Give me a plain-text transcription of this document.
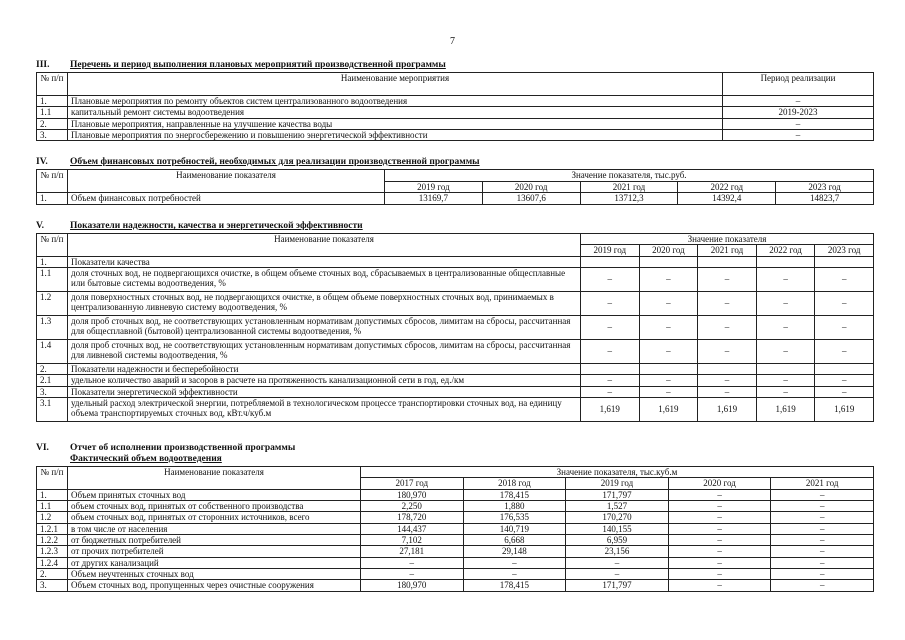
7
III. Перечень и период выполнения плановых мероприятий производственной программы
№ п/п	Наименование мероприятия	Период реализации
1.	Плановые мероприятия по ремонту объектов систем централизованного водоотведения	–
1.1	капитальный ремонт системы водоотведения	2019-2023
2.	Плановые мероприятия, направленные на улучшение качества воды	–
3.	Плановые мероприятия по энергосбережению и повышению энергетической эффективности	–
IV. Объем финансовых потребностей, необходимых для реализации производственной программы
№ п/п	Наименование показателя	Значение показателя, тыс.руб.				
		2019 год	2020 год	2021 год	2022 год	2023 год
1.	Объем финансовых потребностей	13169,7	13607,6	13712,3	14392,4	14823,7
V.	Показатели надежности, качества и энергетической эффективности
№ п/п	Наименование показателя	Значение показателя				
		2019 год	2020 год	2021 год	2022 год	2023 год
1.	Показатели качества					
1.1	доля сточных вод, не подвергающихся очистке, в общем объеме сточных вод, сбрасываемых в централизованные общесплавные или бытовые системы водоотведения, %	–	–	–	–	–
1.2	доля поверхностных сточных вод, не подвергающихся очистке, в общем объеме поверхностных сточных вод, принимаемых в централизованную ливневую систему водоотведения, %	–	–	–	–	–
1.3	доля проб сточных вод, не соответствующих установленным нормативам допустимых сбросов, лимитам на сбросы, рассчитанная для общесплавной (бытовой) централизованной системы водоотведения, %	–	–	–	–	–
1.4	доля проб сточных вод, не соответствующих установленным нормативам допустимых сбросов, лимитам на сбросы, рассчитанная для ливневой системы водоотведения, %	–	–	–	–	–
2.	Показатели надежности и бесперебойности					
2.1	удельное количество аварий и засоров в расчете на протяженность канализационной сети в год, ед./км	–	–	–	–	–
3.	Показатели энергетической эффективности	–	–	–	–	–
3.1	удельный расход электрической энергии, потребляемой в технологическом процессе транспортировки сточных вод, на единицу объема транспортируемых сточных вод, кВт.ч/куб.м	1,619	1,619	1,619	1,619	1,619
VI. Отчет об исполнении производственной программы
Фактический объем водоотведения
№ п/п	Наименование показателя	Значение показателя, тыс.куб.м				
		2017 год	2018 год	2019 год	2020 год	2021 год
1.	Объем принятых сточных вод	180,970	178,415	171,797	–	–
1.1	объем сточных вод, принятых от собственного производства	2,250	1,880	1,527	–	–
1.2	объем сточных вод, принятых от сторонних источников, всего	178,720	176,535	170,270	–	–
1.2.1	в том числе от населения	144,437	140,719	140,155	–	–
1.2.2	от бюджетных потребителей	7,102	6,668	6,959	–	–
1.2.3	от прочих потребителей	27,181	29,148	23,156	–	–
1.2.4	от других канализаций	–	–	–	–	–
2.	Объем неучтенных сточных вод	–	–	–	–	–
3.	Объем сточных вод, пропущенных через очистные сооружения	180,970	178,415	171,797	–	–
